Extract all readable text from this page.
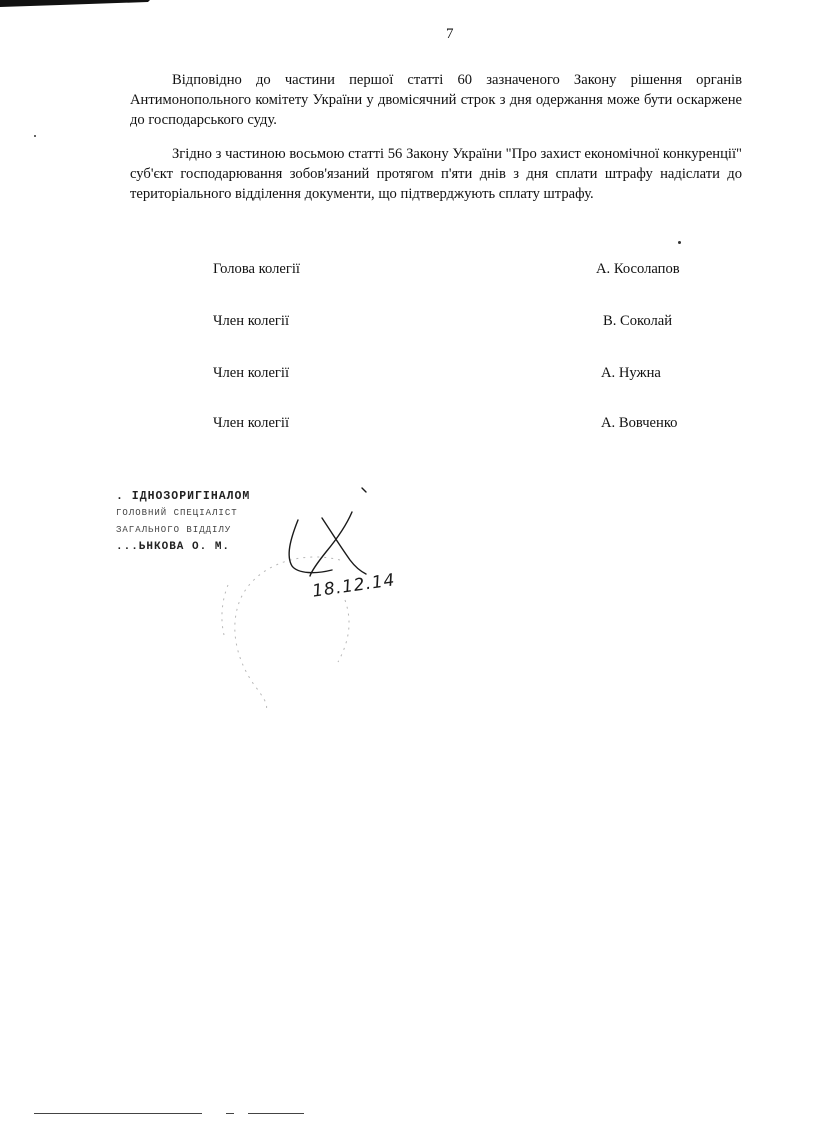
7

Відповідно до частини першої статті 60 зазначеного Закону рішення органів Антимонопольного комітету України у двомісячний строк з дня одержання може бути оскаржене до господарського суду.

Згідно з частиною восьмою статті 56 Закону України "Про захист економічної конкуренції" суб'єкт господарювання зобов'язаний протягом п'яти днів з дня сплати штрафу надіслати до територіального відділення документи, що підтверджують сплату штрафу.

Голова колегії	А. Косолапов
Член колегії	В. Соколай
Член колегії	А. Нужна
Член колегії	А. Вовченко
. ІДНОЗОРИГІНАЛОМ
ГОЛОВНИЙ СПЕЦІАЛІСТ
ЗАГАЛЬНОГО ВІДДІЛУ
...ЬНКОВА О. М.
18.12.14
